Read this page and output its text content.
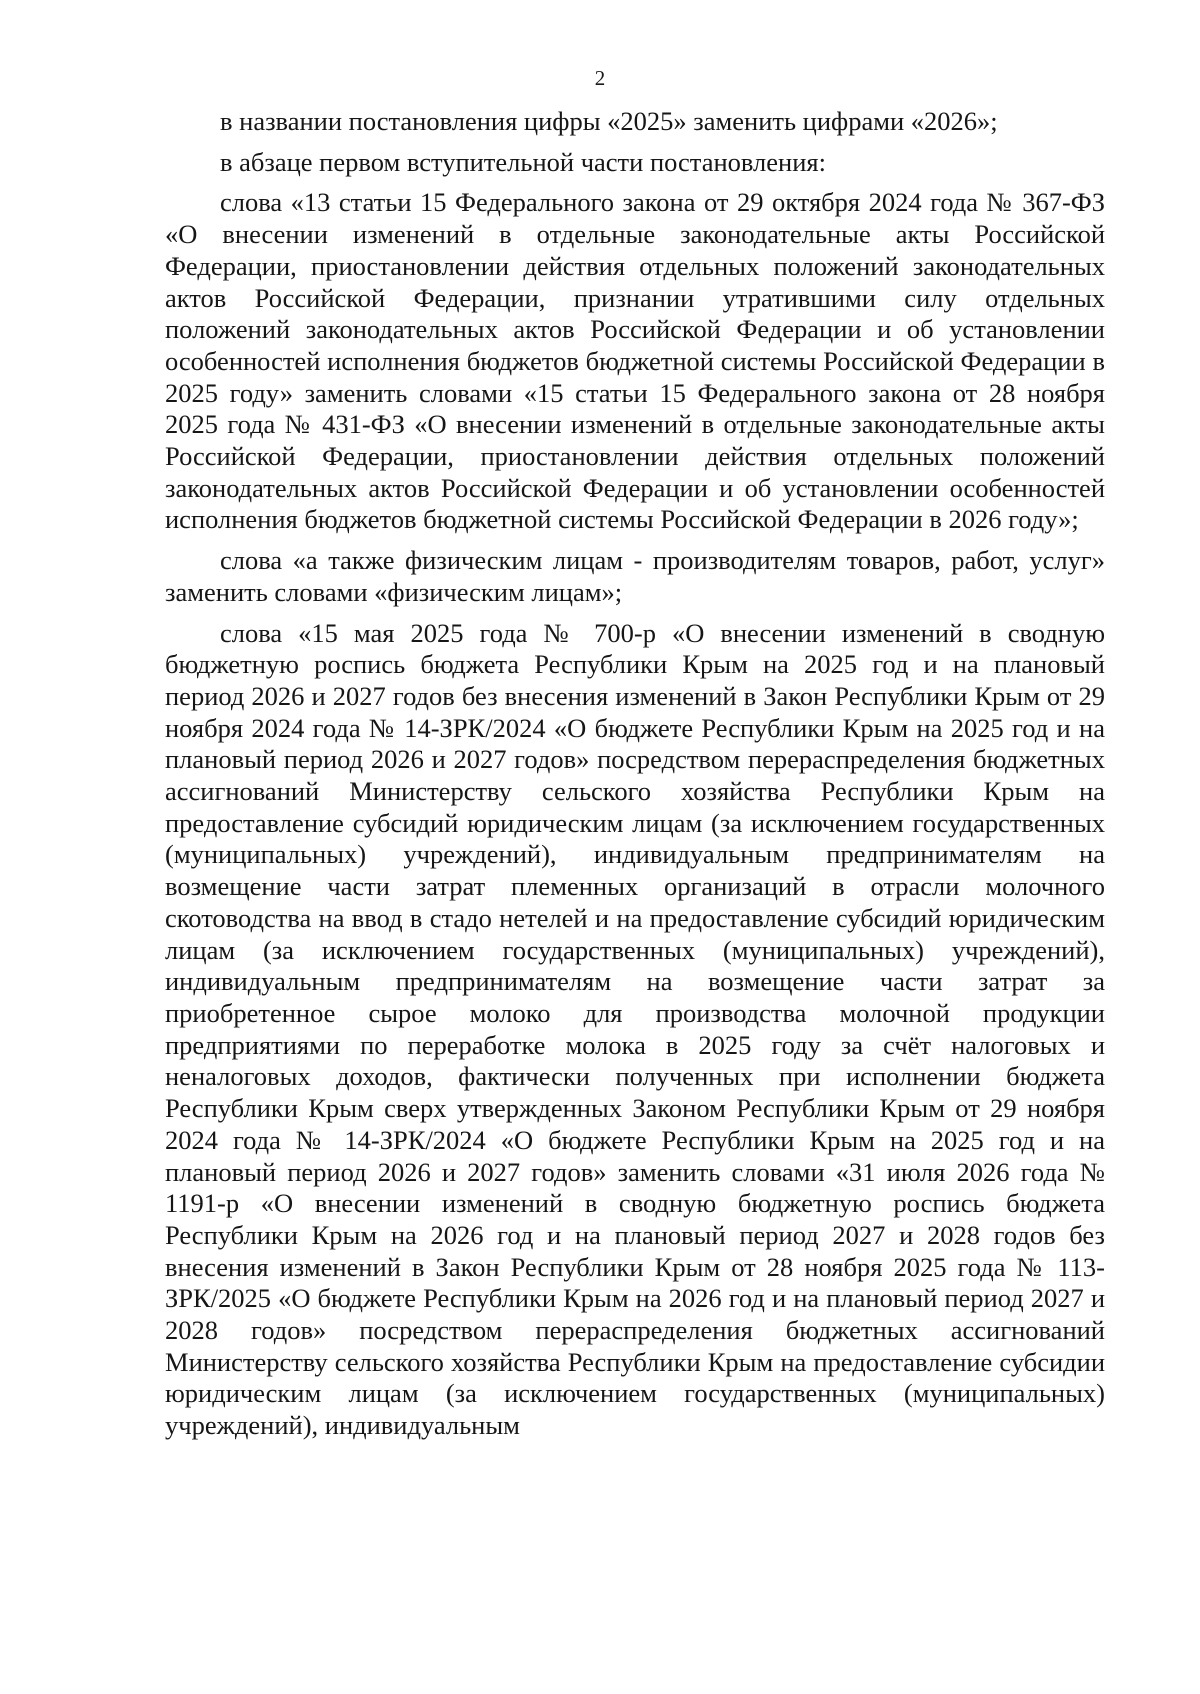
2

в названии постановления цифры «2025» заменить цифрами «2026»;

в абзаце первом вступительной части постановления:

слова «13 статьи 15 Федерального закона от 29 октября 2024 года № 367-ФЗ «О внесении изменений в отдельные законодательные акты Российской Федерации, приостановлении действия отдельных положений законодательных актов Российской Федерации, признании утратившими силу отдельных положений законодательных актов Российской Федерации и об установлении особенностей исполнения бюджетов бюджетной системы Российской Федерации в 2025 году» заменить словами «15 статьи 15 Федерального закона от 28 ноября 2025 года № 431-ФЗ «О внесении изменений в отдельные законодательные акты Российской Федерации, приостановлении действия отдельных положений законодательных актов Российской Федерации и об установлении особенностей исполнения бюджетов бюджетной системы Российской Федерации в 2026 году»;

слова «а также физическим лицам - производителям товаров, работ, услуг» заменить словами «физическим лицам»;

слова «15 мая 2025 года № 700-р «О внесении изменений в сводную бюджетную роспись бюджета Республики Крым на 2025 год и на плановый период 2026 и 2027 годов без внесения изменений в Закон Республики Крым от 29 ноября 2024 года № 14-ЗРК/2024 «О бюджете Республики Крым на 2025 год и на плановый период 2026 и 2027 годов» посредством перераспределения бюджетных ассигнований Министерству сельского хозяйства Республики Крым на предоставление субсидий юридическим лицам (за исключением государственных (муниципальных) учреждений), индивидуальным предпринимателям на возмещение части затрат племенных организаций в отрасли молочного скотоводства на ввод в стадо нетелей и на предоставление субсидий юридическим лицам (за исключением государственных (муниципальных) учреждений), индивидуальным предпринимателям на возмещение части затрат за приобретенное сырое молоко для производства молочной продукции предприятиями по переработке молока в 2025 году за счёт налоговых и неналоговых доходов, фактически полученных при исполнении бюджета Республики Крым сверх утвержденных Законом Республики Крым от 29 ноября 2024 года № 14-ЗРК/2024 «О бюджете Республики Крым на 2025 год и на плановый период 2026 и 2027 годов» заменить словами «31 июля 2026 года № 1191-р «О внесении изменений в сводную бюджетную роспись бюджета Республики Крым на 2026 год и на плановый период 2027 и 2028 годов без внесения изменений в Закон Республики Крым от 28 ноября 2025 года № 113-ЗРК/2025 «О бюджете Республики Крым на 2026 год и на плановый период 2027 и 2028 годов» посредством перераспределения бюджетных ассигнований Министерству сельского хозяйства Республики Крым на предоставление субсидии юридическим лицам (за исключением государственных (муниципальных) учреждений), индивидуальным
